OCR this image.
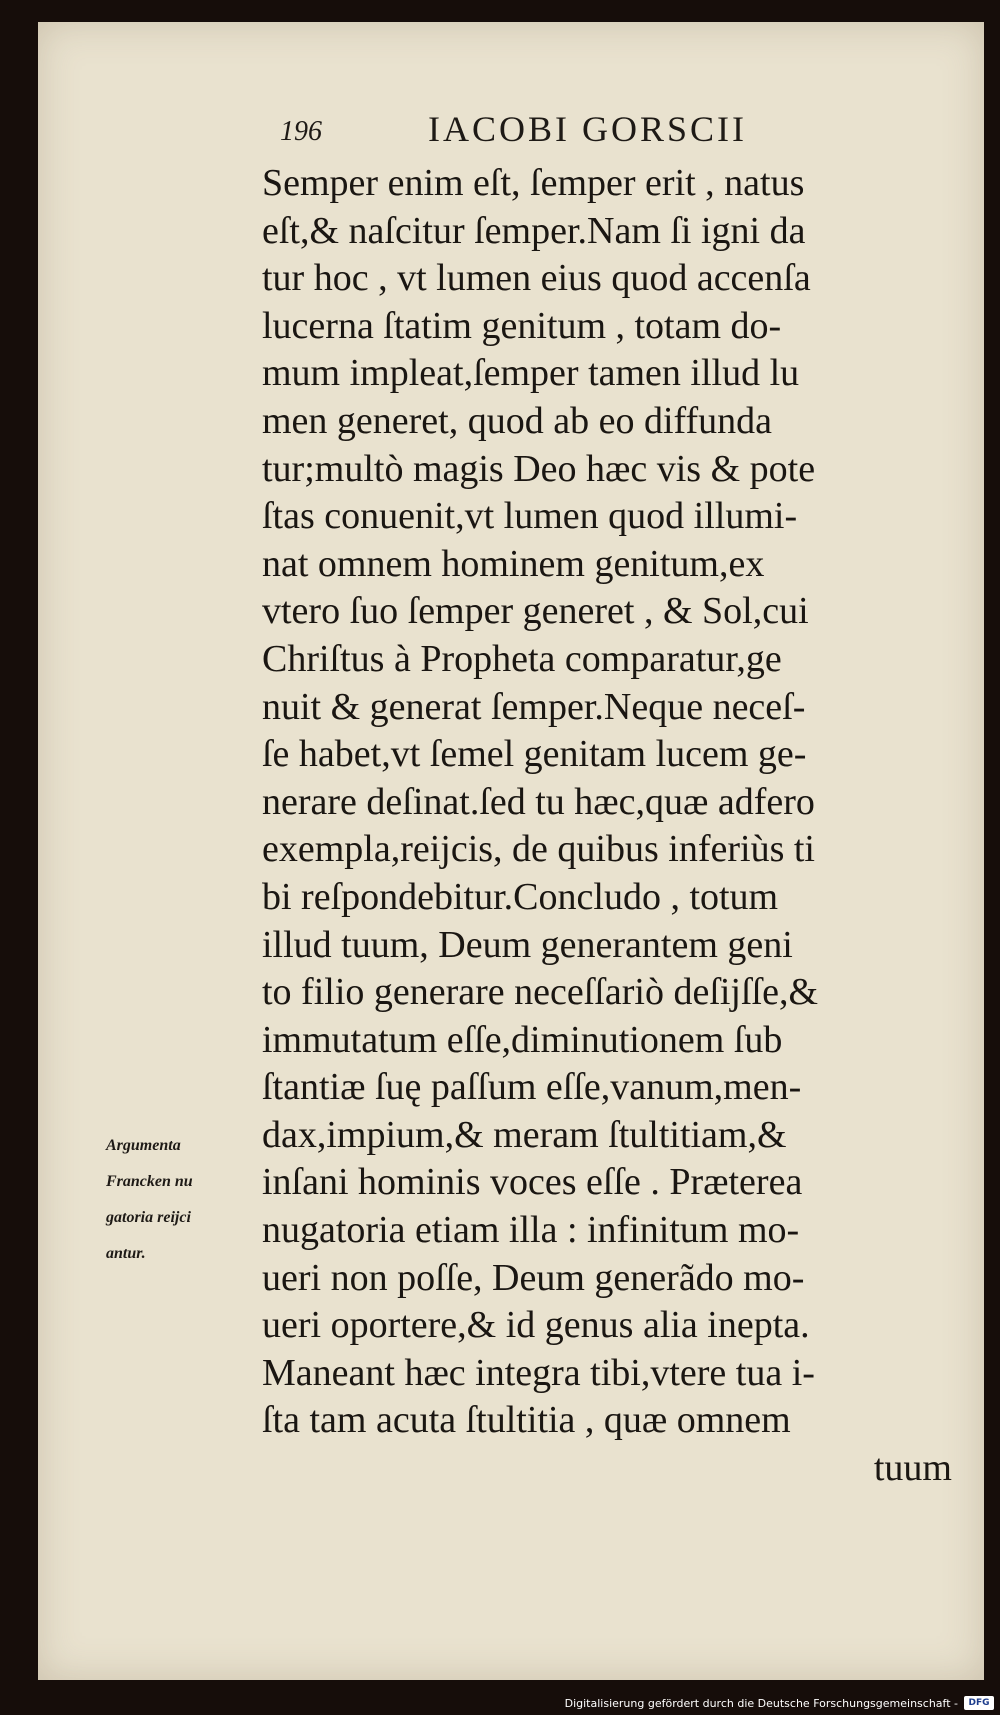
196	IACOBI GORSCII
Semper enim eſt, ſemper erit , natus
eſt,& naſcitur ſemper.Nam ſi igni da
tur hoc , vt lumen eius quod accenſa
lucerna ſtatim genitum , totam do-
mum impleat,ſemper tamen illud lu
men generet, quod ab eo diffunda
tur;multò magis Deo hæc vis & pote
ſtas conuenit,vt lumen quod illumi-
nat omnem hominem genitum,ex
vtero ſuo ſemper generet , & Sol,cui
Chriſtus à Propheta comparatur,ge
nuit & generat ſemper.Neque neceſ-
ſe habet,vt ſemel genitam lucem ge-
nerare deſinat.ſed tu hæc,quæ adfero
exempla,reijcis, de quibus inferiùs ti
bi reſpondebitur.Concludo , totum
illud tuum, Deum generantem geni
to filio generare neceſſariò deſijſſe,&
immutatum eſſe,diminutionem ſub
ſtantiæ ſuę paſſum eſſe,vanum,men-
dax,impium,& meram ſtultitiam,&
inſani hominis voces eſſe . Præterea
nugatoria etiam illa : infinitum mo-
ueri non poſſe, Deum generãdo mo-
ueri oportere,& id genus alia inepta.
Maneant hæc integra tibi,vtere tua i-
ſta tam acuta ſtultitia , quæ omnem
tuum
Argumenta
Francken nu
gatoria reijci
antur.
Digitalisierung gefördert durch die Deutsche Forschungsgemeinschaft -	DFG
